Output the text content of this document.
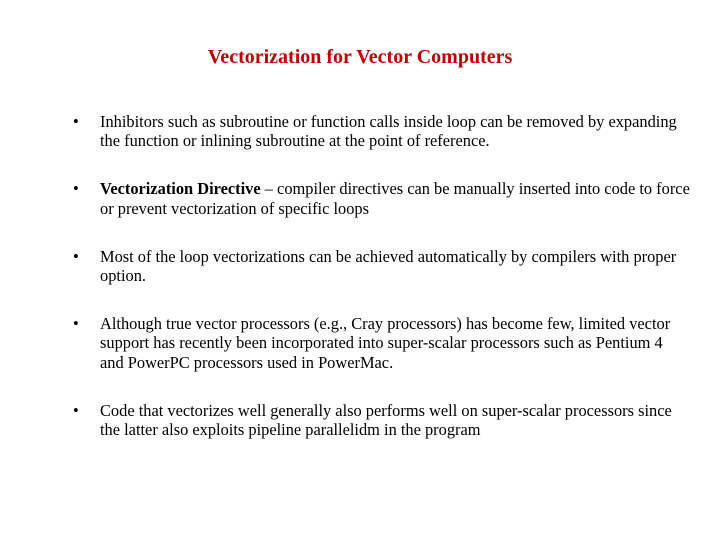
Vectorization for Vector Computers
• Inhibitors such as subroutine or function calls inside loop can be removed by expanding the function or inlining subroutine at the point of reference.
• Vectorization Directive – compiler directives can be manually inserted into code to force or prevent vectorization of specific loops
• Most of the loop vectorizations can be achieved automatically by compilers with proper option.
• Although true vector processors (e.g., Cray processors) has become few, limited vector support has recently been incorporated into super-scalar processors such as Pentium 4 and PowerPC processors used in PowerMac.
• Code that vectorizes well generally also performs well on super-scalar processors since the latter also exploits pipeline parallelidm in the program
